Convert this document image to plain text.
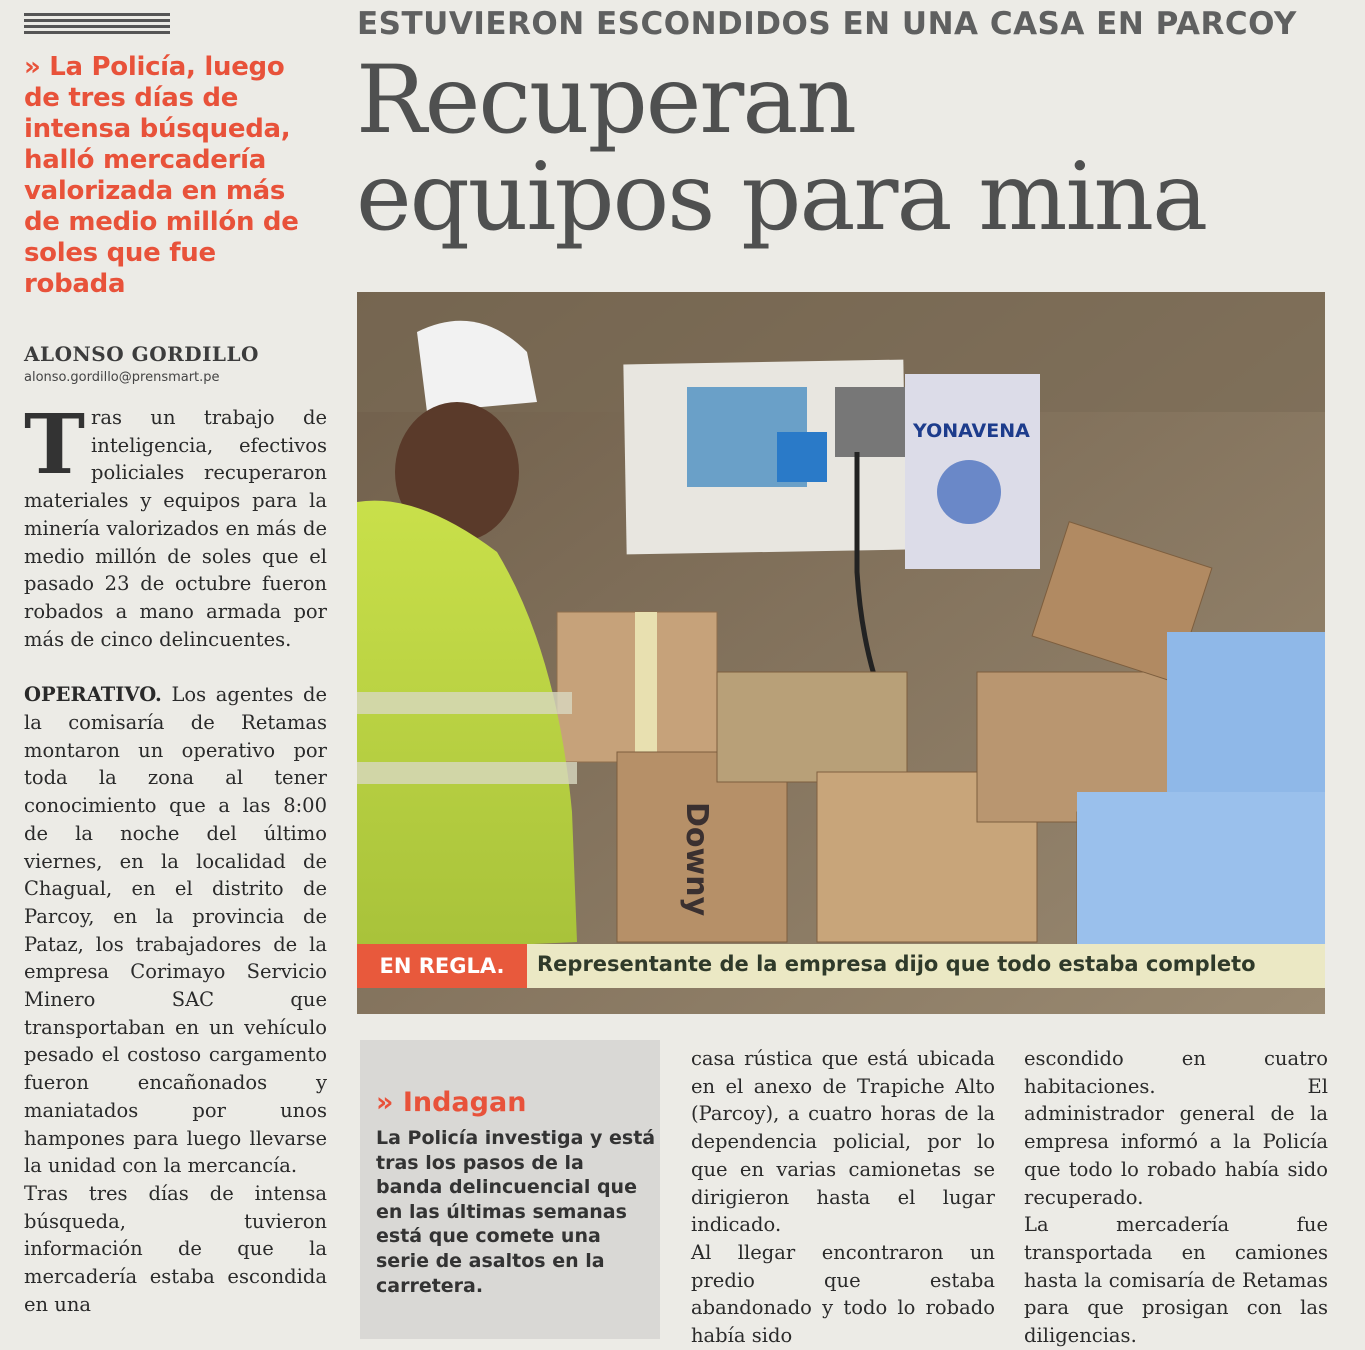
ESTUVIERON ESCONDIDOS EN UNA CASA EN PARCOY
Recuperan
equipos para mina
» La Policía, luego de tres días de intensa búsqueda, halló mercadería valorizada en más de medio millón de soles que fue robada
ALONSO GORDILLO
alonso.gordillo@prensmart.pe

Tras un trabajo de inteligencia, efectivos policiales recuperaron materiales y equipos para la minería valorizados en más de medio millón de soles que el pasado 23 de octubre fueron robados a mano armada por más de cinco delincuentes.

OPERATIVO. Los agentes de la comisaría de Retamas montaron un operativo por toda la zona al tener conocimiento que a las 8:00 de la noche del último viernes, en la localidad de Chagual, en el distrito de Parcoy, en la provincia de Pataz, los trabajadores de la empresa Corimayo Servicio Minero SAC que transportaban en un vehículo pesado el costoso cargamento fueron encañonados y maniatados por unos hampones para luego llevarse la unidad con la mercancía.

Tras tres días de intensa búsqueda, tuvieron información de que la mercadería estaba escondida en una

YONAVENA
Downy
EN REGLA.	Representante de la empresa dijo que todo estaba completo
» Indagan
La Policía investiga y está tras los pasos de la banda delincuencial que en las últimas semanas está que comete una serie de asaltos en la carretera.

casa rústica que está ubicada en el anexo de Trapiche Alto (Parcoy), a cuatro horas de la dependencia policial, por lo que en varias camionetas se dirigieron hasta el lugar indicado.

Al llegar encontraron un predio que estaba abandonado y todo lo robado había sido

escondido en cuatro habitaciones. El administrador general de la empresa informó a la Policía que todo lo robado había sido recuperado.

La mercadería fue transportada en camiones hasta la comisaría de Retamas para que prosigan con las diligencias.
